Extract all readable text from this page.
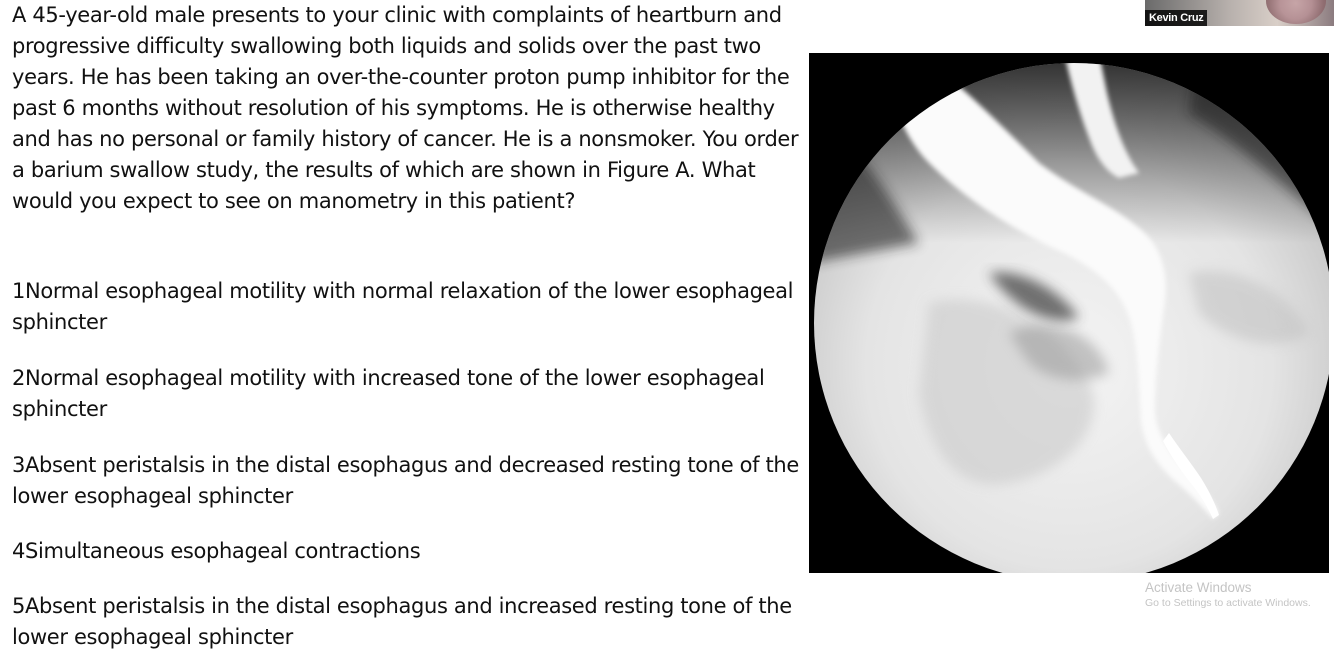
A 45-year-old male presents to your clinic with complaints of heartburn and progressive difficulty swallowing both liquids and solids over the past two years. He has been taking an over-the-counter proton pump inhibitor for the past 6 months without resolution of his symptoms. He is otherwise healthy and has no personal or family history of cancer. He is a nonsmoker. You order a barium swallow study, the results of which are shown in Figure A. What would you expect to see on manometry in this patient?

1Normal esophageal motility with normal relaxation of the lower esophageal sphincter
2Normal esophageal motility with increased tone of the lower esophageal sphincter
3Absent peristalsis in the distal esophagus and decreased resting tone of the lower esophageal sphincter
4Simultaneous esophageal contractions
5Absent peristalsis in the distal esophagus and increased resting tone of the lower esophageal sphincter
Kevin Cruz
Activate Windows
Go to Settings to activate Windows.
